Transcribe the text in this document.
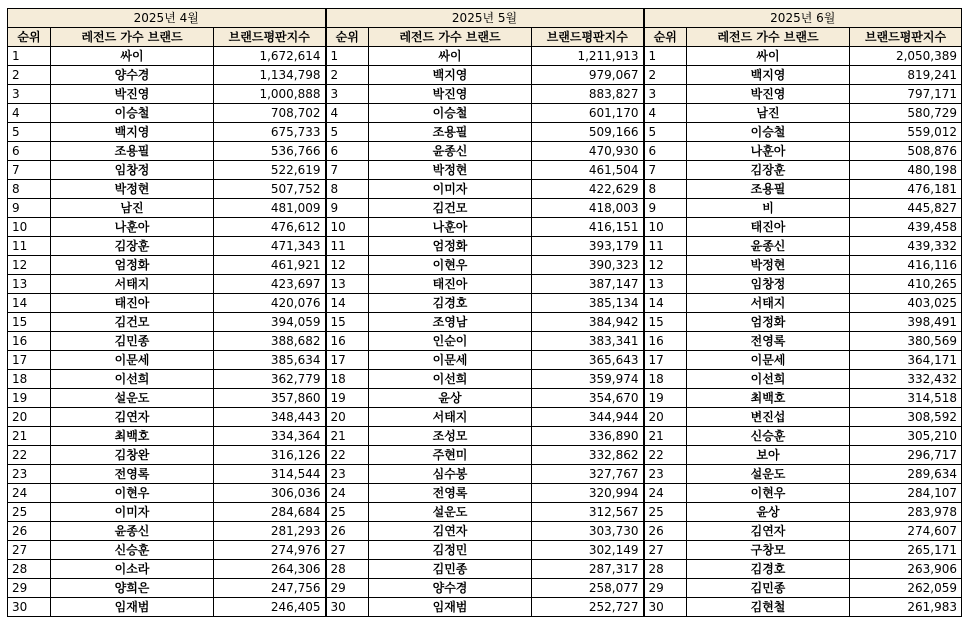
2025년 4월			2025년 5월			2025년 6월		
순위	레전드 가수 브랜드	브랜드평판지수	순위	레전드 가수 브랜드	브랜드평판지수	순위	레전드 가수 브랜드	브랜드평판지수
1	싸이	1,672,614	1	싸이	1,211,913	1	싸이	2,050,389
2	양수경	1,134,798	2	백지영	979,067	2	백지영	819,241
3	박진영	1,000,888	3	박진영	883,827	3	박진영	797,171
4	이승철	708,702	4	이승철	601,170	4	남진	580,729
5	백지영	675,733	5	조용필	509,166	5	이승철	559,012
6	조용필	536,766	6	윤종신	470,930	6	나훈아	508,876
7	임창정	522,619	7	박정현	461,504	7	김장훈	480,198
8	박정현	507,752	8	이미자	422,629	8	조용필	476,181
9	남진	481,009	9	김건모	418,003	9	비	445,827
10	나훈아	476,612	10	나훈아	416,151	10	태진아	439,458
11	김장훈	471,343	11	엄정화	393,179	11	윤종신	439,332
12	엄정화	461,921	12	이현우	390,323	12	박정현	416,116
13	서태지	423,697	13	태진아	387,147	13	임창정	410,265
14	태진아	420,076	14	김경호	385,134	14	서태지	403,025
15	김건모	394,059	15	조영남	384,942	15	엄정화	398,491
16	김민종	388,682	16	인순이	383,341	16	전영록	380,569
17	이문세	385,634	17	이문세	365,643	17	이문세	364,171
18	이선희	362,779	18	이선희	359,974	18	이선희	332,432
19	설운도	357,860	19	윤상	354,670	19	최백호	314,518
20	김연자	348,443	20	서태지	344,944	20	변진섭	308,592
21	최백호	334,364	21	조성모	336,890	21	신승훈	305,210
22	김창완	316,126	22	주현미	332,862	22	보아	296,717
23	전영록	314,544	23	심수봉	327,767	23	설운도	289,634
24	이현우	306,036	24	전영록	320,994	24	이현우	284,107
25	이미자	284,684	25	설운도	312,567	25	윤상	283,978
26	윤종신	281,293	26	김연자	303,730	26	김연자	274,607
27	신승훈	274,976	27	김정민	302,149	27	구창모	265,171
28	이소라	264,306	28	김민종	287,317	28	김경호	263,906
29	양희은	247,756	29	양수경	258,077	29	김민종	262,059
30	임재범	246,405	30	임재범	252,727	30	김현철	261,983
